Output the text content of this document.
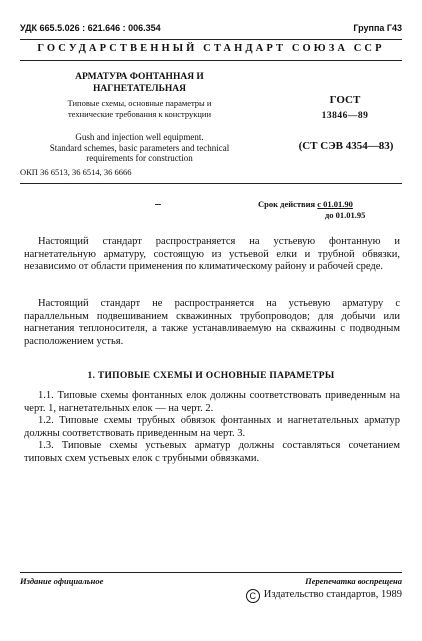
УДК 665.5.026 : 621.646 : 006.354	Группа Г43
ГОСУДАРСТВЕННЫЙ СТАНДАРТ СОЮЗА ССР
АРМАТУРА ФОНТАННАЯ И
НАГНЕТАТЕЛЬНАЯ
Типовые схемы, основные параметры и
технические требования к конструкции
Gush and injection well equipment.
Standard schemes, basic parameters and technical
requirements for construction
ГОСТ
13846—89
(СТ СЭВ 4354—83)
ОКП 36 6513, 36 6514, 36 6666
Срок действия с 01.01.90
до 01.01.95
Настоящий стандарт распространяется на устьевую фонтанную и нагнетательную арматуру, состоящую из устьевой елки и трубной обвязки, независимо от области применения по климатическому району и рабочей среде.
Настоящий стандарт не распространяется на устьевую арматуру с параллельным подвешиванием скважинных трубопроводов; для добычи или нагнетания теплоносителя, а также устанавливаемую на скважины с подводным расположением устья.
1. ТИПОВЫЕ СХЕМЫ И ОСНОВНЫЕ ПАРАМЕТРЫ
1.1. Типовые схемы фонтанных елок должны соответствовать приведенным на черт. 1, нагнетательных елок — на черт. 2.
1.2. Типовые схемы трубных обвязок фонтанных и нагнетательных арматур должны соответствовать приведенным на черт. 3.
1.3. Типовые схемы устьевых арматур должны составляться сочетанием типовых схем устьевых елок с трубными обвязками.
Издание официальное	Перепечатка воспрещена
C Издательство стандартов, 1989
